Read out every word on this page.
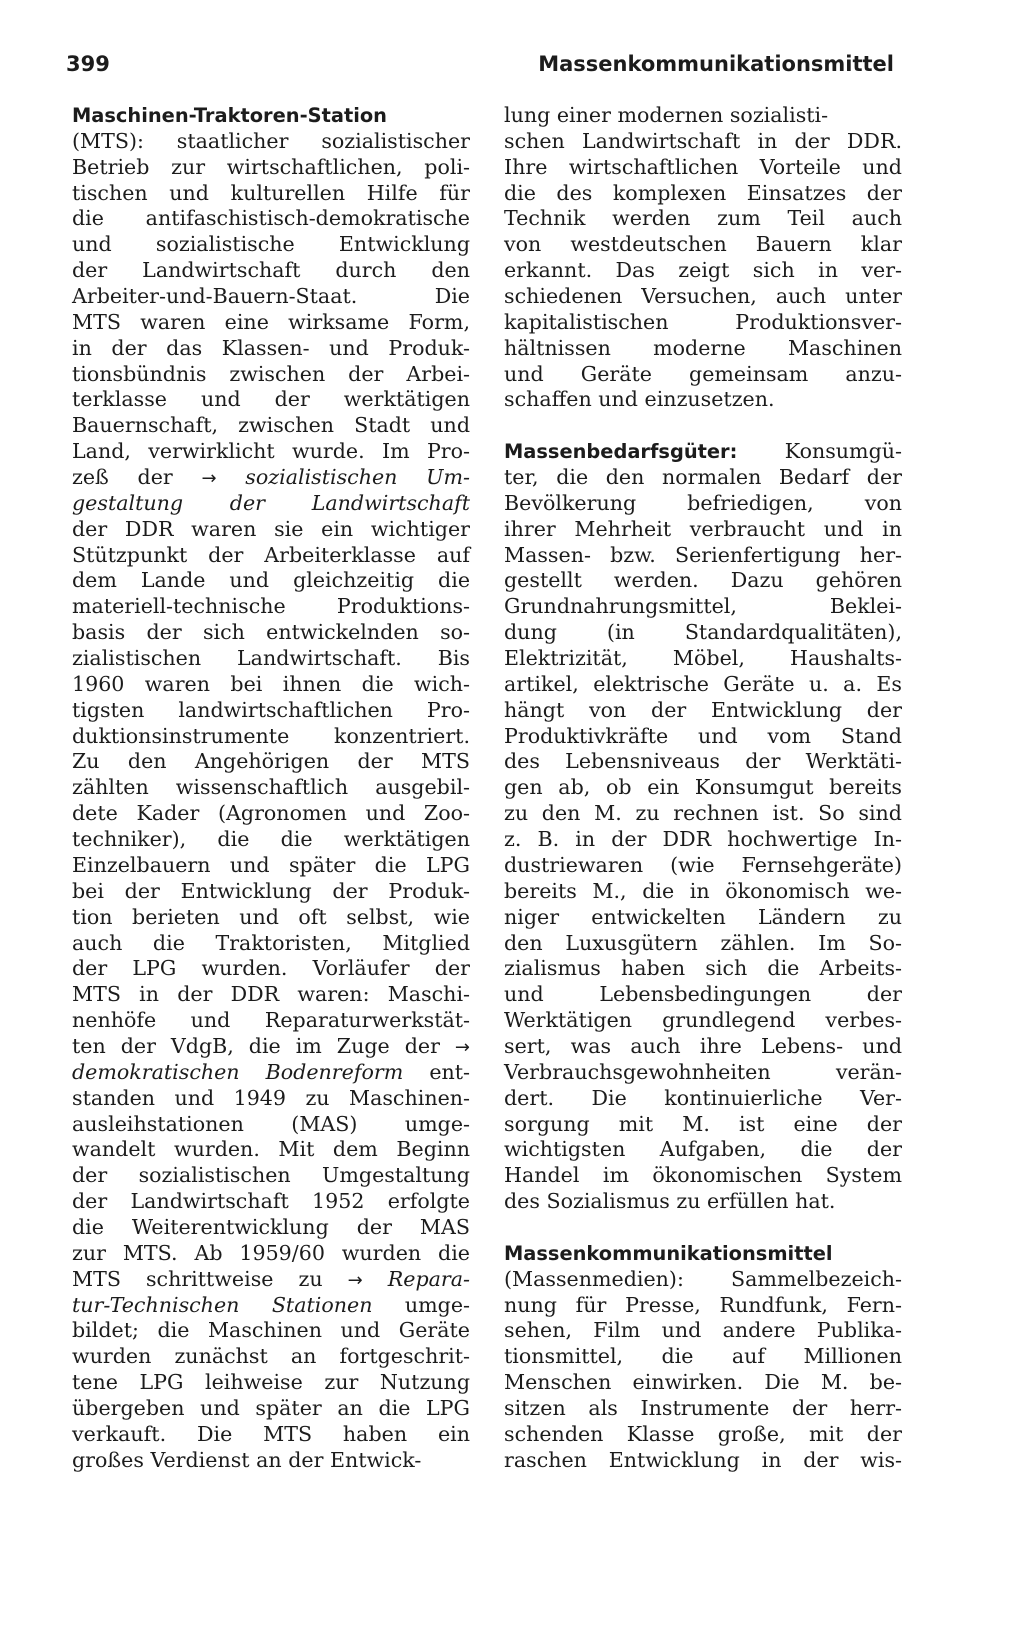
399	Massenkommunikationsmittel
Maschinen-Traktoren-Station
(MTS): staatlicher sozialistischer
Betrieb zur wirtschaftlichen, poli-
tischen und kulturellen Hilfe für
die antifaschistisch-demokratische
und sozialistische Entwicklung
der Landwirtschaft durch den
Arbeiter-und-Bauern-Staat. Die
MTS waren eine wirksame Form,
in der das Klassen- und Produk-
tionsbündnis zwischen der Arbei-
terklasse und der werktätigen
Bauernschaft, zwischen Stadt und
Land, verwirklicht wurde. Im Pro-
zeß der → sozialistischen Um-
gestaltung der Landwirtschaft
der DDR waren sie ein wichtiger
Stützpunkt der Arbeiterklasse auf
dem Lande und gleichzeitig die
materiell-technische Produktions-
basis der sich entwickelnden so-
zialistischen Landwirtschaft. Bis
1960 waren bei ihnen die wich-
tigsten landwirtschaftlichen Pro-
duktionsinstrumente konzentriert.
Zu den Angehörigen der MTS
zählten wissenschaftlich ausgebil-
dete Kader (Agronomen und Zoo-
techniker), die die werktätigen
Einzelbauern und später die LPG
bei der Entwicklung der Produk-
tion berieten und oft selbst, wie
auch die Traktoristen, Mitglied
der LPG wurden. Vorläufer der
MTS in der DDR waren: Maschi-
nenhöfe und Reparaturwerkstät-
ten der VdgB, die im Zuge der →
demokratischen Bodenreform ent-
standen und 1949 zu Maschinen-
ausleihstationen (MAS) umge-
wandelt wurden. Mit dem Beginn
der sozialistischen Umgestaltung
der Landwirtschaft 1952 erfolgte
die Weiterentwicklung der MAS
zur MTS. Ab 1959/60 wurden die
MTS schrittweise zu → Repara-
tur-Technischen Stationen umge-
bildet; die Maschinen und Geräte
wurden zunächst an fortgeschrit-
tene LPG leihweise zur Nutzung
übergeben und später an die LPG
verkauft. Die MTS haben ein
großes Verdienst an der Entwick-
lung einer modernen sozialisti-
schen Landwirtschaft in der DDR.
Ihre wirtschaftlichen Vorteile und
die des komplexen Einsatzes der
Technik werden zum Teil auch
von westdeutschen Bauern klar
erkannt. Das zeigt sich in ver-
schiedenen Versuchen, auch unter
kapitalistischen Produktionsver-
hältnissen moderne Maschinen
und Geräte gemeinsam anzu-
schaffen und einzusetzen.
Massenbedarfsgüter: Konsumgü-
ter, die den normalen Bedarf der
Bevölkerung befriedigen, von
ihrer Mehrheit verbraucht und in
Massen- bzw. Serienfertigung her-
gestellt werden. Dazu gehören
Grundnahrungsmittel, Beklei-
dung (in Standardqualitäten),
Elektrizität, Möbel, Haushalts-
artikel, elektrische Geräte u. a. Es
hängt von der Entwicklung der
Produktivkräfte und vom Stand
des Lebensniveaus der Werktäti-
gen ab, ob ein Konsumgut bereits
zu den M. zu rechnen ist. So sind
z. B. in der DDR hochwertige In-
dustriewaren (wie Fernsehgeräte)
bereits M., die in ökonomisch we-
niger entwickelten Ländern zu
den Luxusgütern zählen. Im So-
zialismus haben sich die Arbeits-
und Lebensbedingungen der
Werktätigen grundlegend verbes-
sert, was auch ihre Lebens- und
Verbrauchsgewohnheiten verän-
dert. Die kontinuierliche Ver-
sorgung mit M. ist eine der
wichtigsten Aufgaben, die der
Handel im ökonomischen System
des Sozialismus zu erfüllen hat.
Massenkommunikationsmittel
(Massenmedien): Sammelbezeich-
nung für Presse, Rundfunk, Fern-
sehen, Film und andere Publika-
tionsmittel, die auf Millionen
Menschen einwirken. Die M. be-
sitzen als Instrumente der herr-
schenden Klasse große, mit der
raschen Entwicklung in der wis-
